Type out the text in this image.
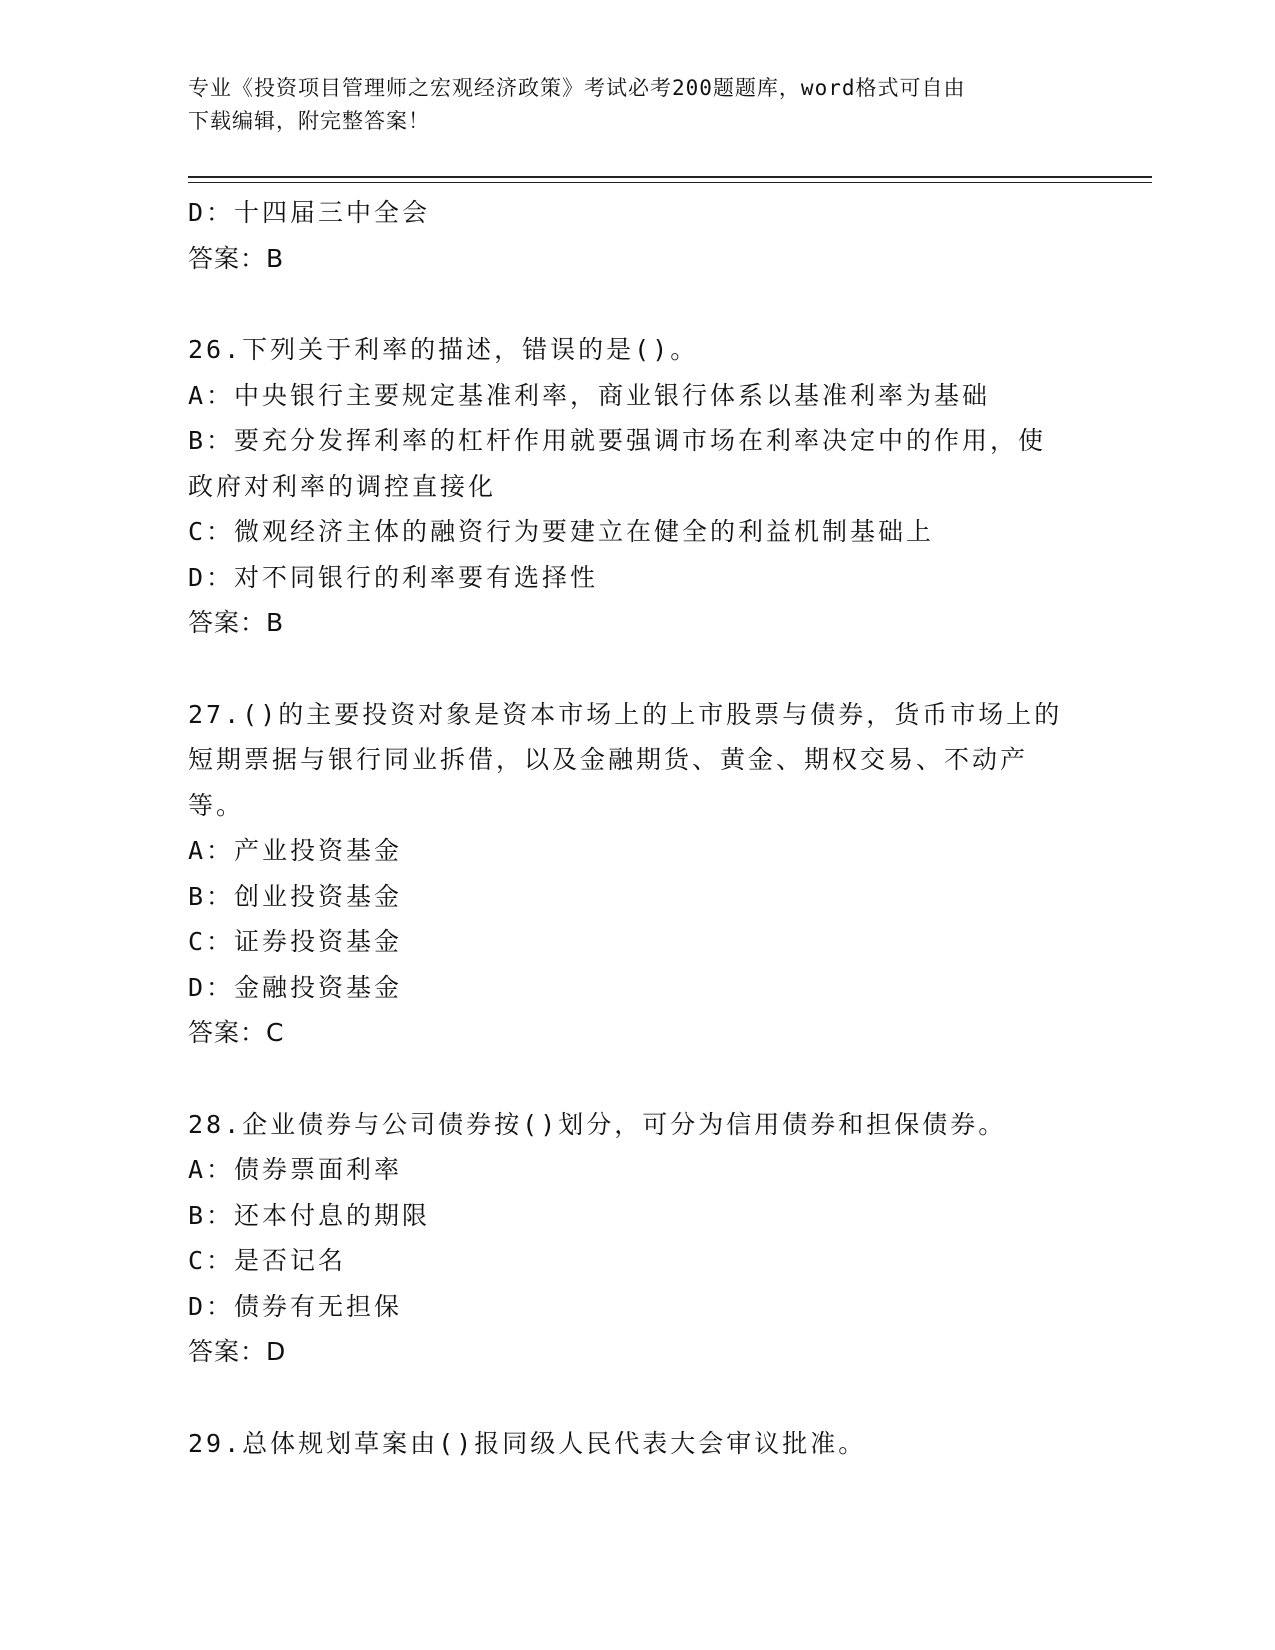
专业《投资项目管理师之宏观经济政策》考试必考200题题库，word格式可自由
下载编辑，附完整答案！
D：十四届三中全会
答案：B
26.下列关于利率的描述，错误的是()。
A：中央银行主要规定基准利率，商业银行体系以基准利率为基础
B：要充分发挥利率的杠杆作用就要强调市场在利率决定中的作用，使
政府对利率的调控直接化
C：微观经济主体的融资行为要建立在健全的利益机制基础上
D：对不同银行的利率要有选择性
答案：B
27.()的主要投资对象是资本市场上的上市股票与债券，货币市场上的
短期票据与银行同业拆借，以及金融期货、黄金、期权交易、不动产
等。
A：产业投资基金
B：创业投资基金
C：证券投资基金
D：金融投资基金
答案：C
28.企业债券与公司债券按()划分，可分为信用债券和担保债券。
A：债券票面利率
B：还本付息的期限
C：是否记名
D：债券有无担保
答案：D
29.总体规划草案由()报同级人民代表大会审议批准。
